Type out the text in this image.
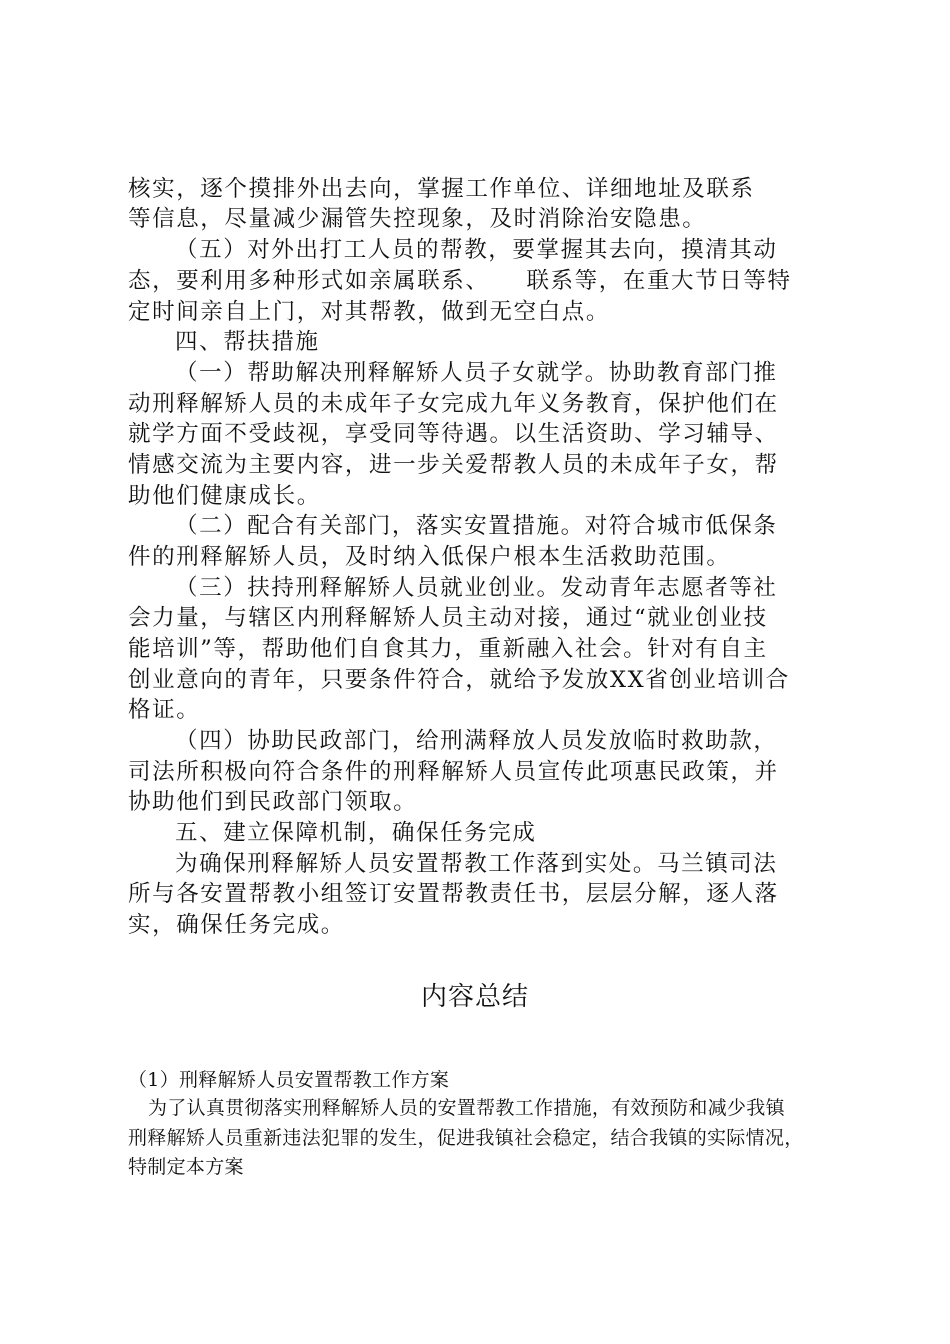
核实，逐个摸排外出去向，掌握工作单位、详细地址及联系
等信息，尽量减少漏管失控现象，及时消除治安隐患。
（五）对外出打工人员的帮教，要掌握其去向，摸清其动
态，要利用多种形式如亲属联系、　　联系等，在重大节日等特
定时间亲自上门，对其帮教，做到无空白点。
四、帮扶措施
（一）帮助解决刑释解矫人员子女就学。协助教育部门推
动刑释解矫人员的未成年子女完成九年义务教育，保护他们在
就学方面不受歧视，享受同等待遇。以生活资助、学习辅导、
情感交流为主要内容，进一步关爱帮教人员的未成年子女，帮
助他们健康成长。
（二）配合有关部门，落实安置措施。对符合城市低保条
件的刑释解矫人员，及时纳入低保户根本生活救助范围。
（三）扶持刑释解矫人员就业创业。发动青年志愿者等社
会力量，与辖区内刑释解矫人员主动对接，通过“就业创业技
能培训”等，帮助他们自食其力，重新融入社会。针对有自主
创业意向的青年，只要条件符合，就给予发放XX省创业培训合
格证。
（四）协助民政部门，给刑满释放人员发放临时救助款，
司法所积极向符合条件的刑释解矫人员宣传此项惠民政策，并
协助他们到民政部门领取。
五、建立保障机制，确保任务完成
为确保刑释解矫人员安置帮教工作落到实处。马兰镇司法
所与各安置帮教小组签订安置帮教责任书，层层分解，逐人落
实，确保任务完成。
内容总结
（1）刑释解矫人员安置帮教工作方案
为了认真贯彻落实刑释解矫人员的安置帮教工作措施，有效预防和减少我镇
刑释解矫人员重新违法犯罪的发生，促进我镇社会稳定，结合我镇的实际情况，
特制定本方案
